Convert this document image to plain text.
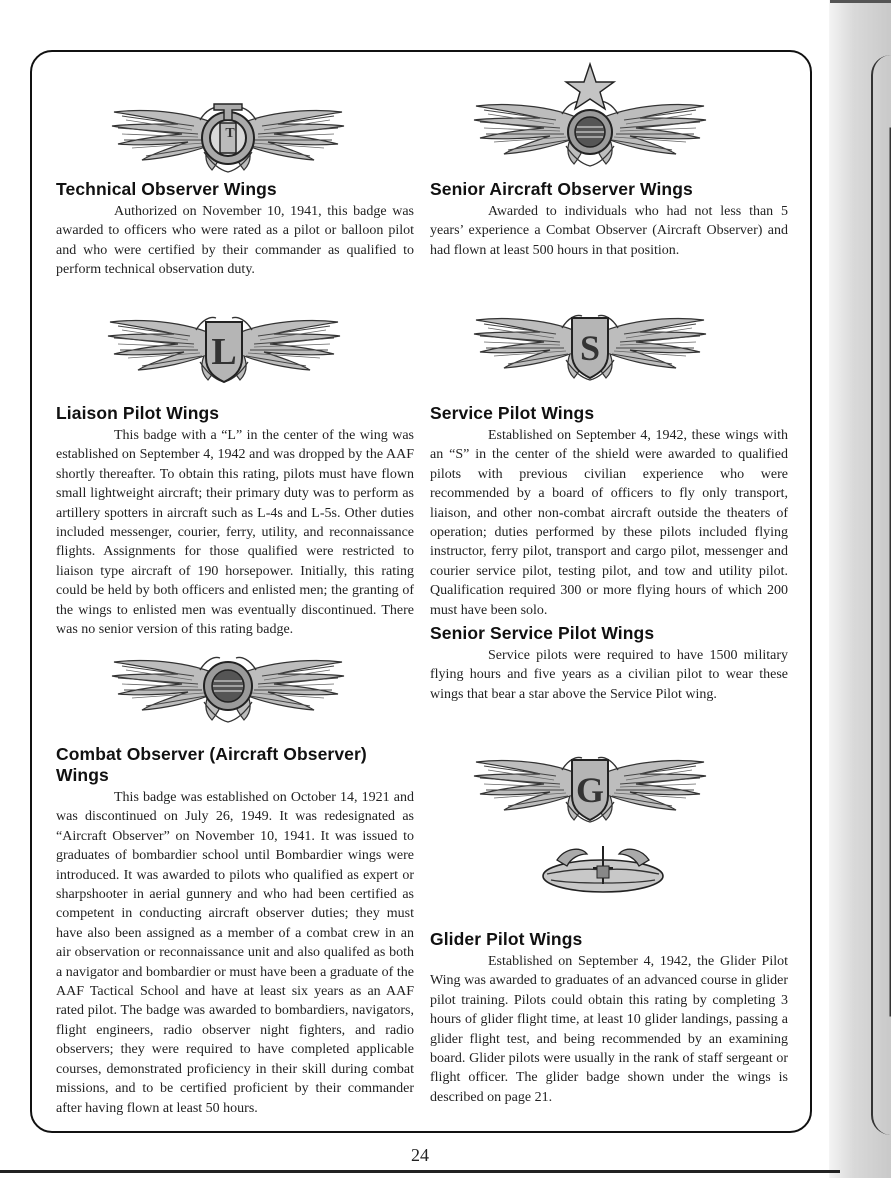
Technical Observer Wings

Authorized on November 10, 1941, this badge was awarded to officers who were rated as a pilot or balloon pilot and who were certified by their commander as qualified to perform technical observation duty.

Senior Aircraft Observer Wings

Awarded to individuals who had not less than 5 years’ experience a Combat Observer (Aircraft Observer) and had flown at least 500 hours in that position.

L	S
Liaison Pilot Wings

This badge with a “L” in the center of the wing was established on September 4, 1942 and was dropped by the AAF shortly thereafter. To obtain this rating, pilots must have flown small lightweight aircraft; their primary duty was to perform as artillery spotters in aircraft such as L-4s and L-5s. Other duties included messenger, courier, ferry, utility, and reconnaissance flights. Assignments for those qualified were restricted to liaison type aircraft of 190 horsepower. Initially, this rating could be held by both officers and enlisted men; the granting of the wings to enlisted men was eventually discontinued. There was no senior version of this rating badge.

Service Pilot Wings

Established on September 4, 1942, these wings with an “S” in the center of the shield were awarded to qualified pilots with previous civilian experience who were recommended by a board of officers to fly only transport, liaison, and other non-combat aircraft outside the theaters of operation; duties performed by these pilots included flying instructor, ferry pilot, transport and cargo pilot, messenger and courier service pilot, testing pilot, and tow and utility pilot. Qualification required 300 or more flying hours of which 200 must have been solo.

Senior Service Pilot Wings

Service pilots were required to have 1500 military flying hours and five years as a civilian pilot to wear these wings that bear a star above the Service Pilot wing.

Combat Observer (Aircraft Observer) Wings

This badge was established on October 14, 1921 and was discontinued on July 26, 1949. It was redesignated as “Aircraft Observer” on November 10, 1941. It was issued to graduates of bombardier school until Bombardier wings were introduced. It was awarded to pilots who qualified as expert or sharpshooter in aerial gunnery and who had been certified as competent in conducting aircraft observer duties; they must have also been assigned as a member of a combat crew in an air observation or reconnaissance unit and also qualifed as both a navigator and bombardier or must have been a graduate of the AAF Tactical School and have at least six years as an AAF rated pilot. The badge was awarded to bombardiers, navigators, flight engineers, radio observer night fighters, and radio observers; they were required to have completed applicable courses, demonstrated proficiency in their skill during combat missions, and to be certified proficient by their commander after having flown at least 50 hours.

G
Glider Pilot Wings

Established on September 4, 1942, the Glider Pilot Wing was awarded to graduates of an advanced course in glider pilot training. Pilots could obtain this rating by completing 3 hours of glider flight time, at least 10 glider landings, passing a glider flight test, and being recommended by an examining board. Glider pilots were usually in the rank of staff sergeant or flight officer. The glider badge shown under the wings is described on page 21.

T
24
